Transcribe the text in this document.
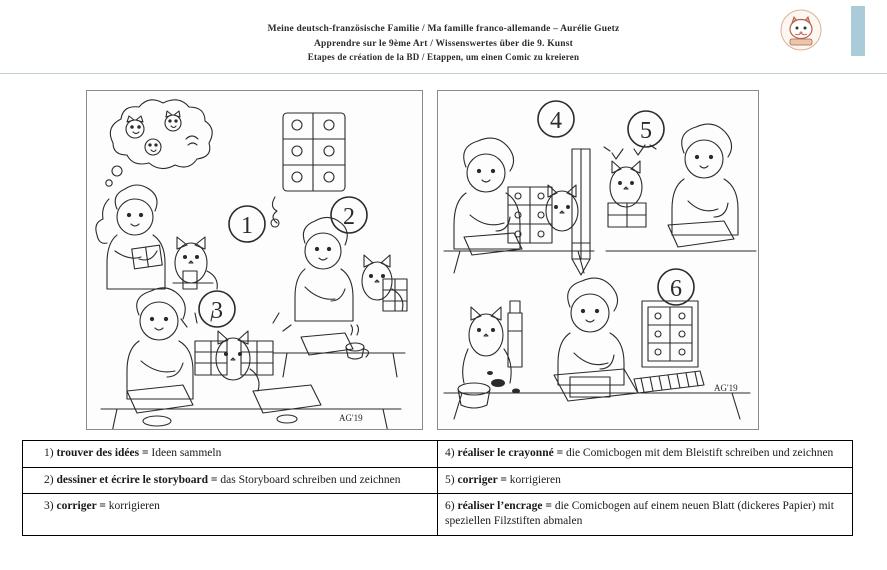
Meine deutsch-französische Familie / Ma famille franco-allemande – Aurélie Guetz
Apprendre sur le 9ème Art / Wissenswertes über die 9. Kunst
Etapes de création de la BD / Etappen, um einen Comic zu kreieren
1	2
3
AG'19
4	5
6
AG'19
1) trouver des idées = Ideen sammeln	4) réaliser le crayonné = die Comicbogen mit dem Bleistift schreiben und zeichnen
2) dessiner et écrire le storyboard = das Storyboard schreiben und zeichnen	5) corriger = korrigieren
3) corriger = korrigieren	6) réaliser l’encrage = die Comicbogen auf einem neuen Blatt (dickeres Papier) mit speziellen Filzstiften abmalen
